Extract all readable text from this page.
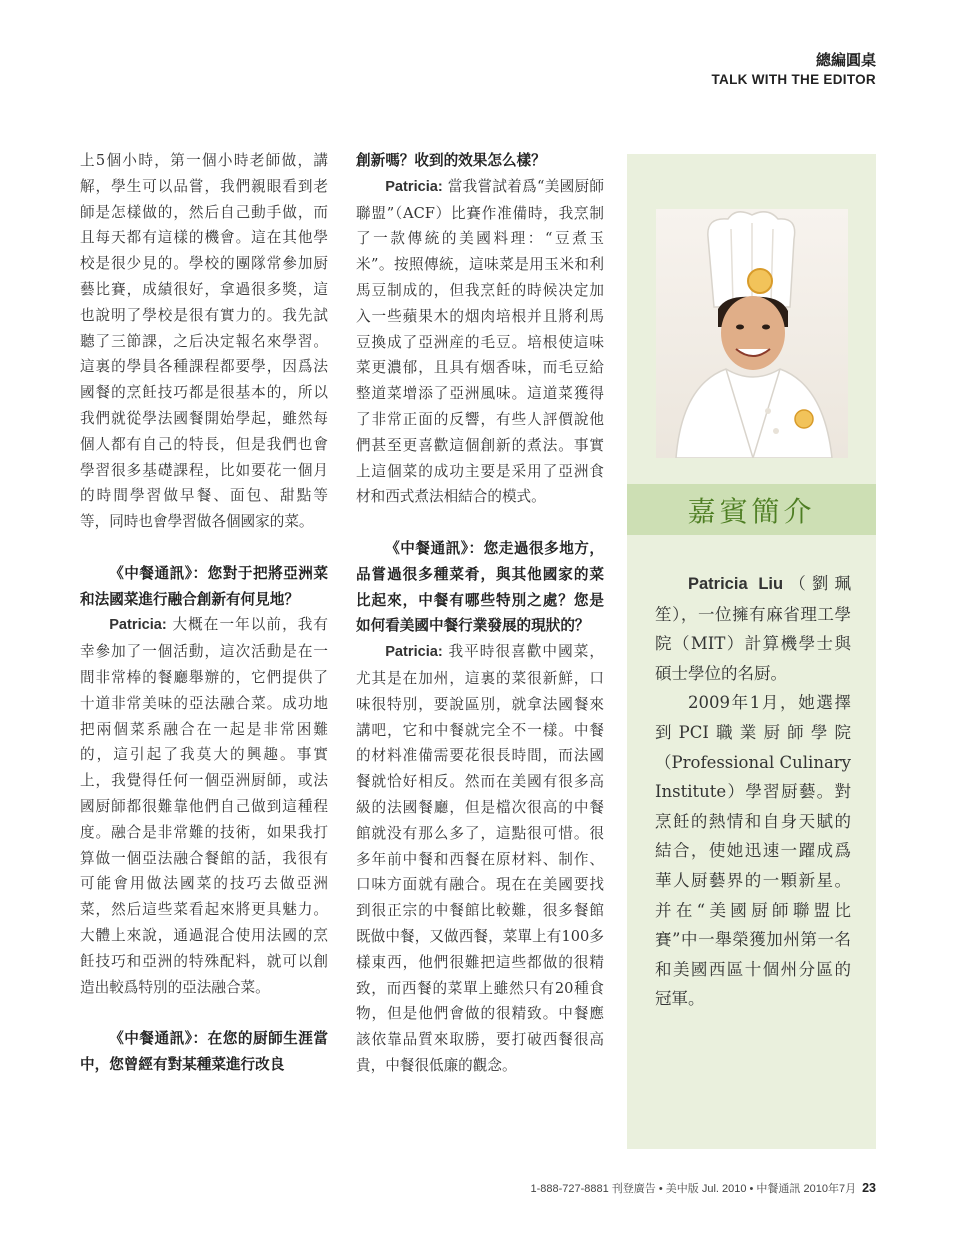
總編圓桌
TALK WITH THE EDITOR

上5個小時，第一個小時老師做，講解，學生可以品嘗，我們親眼看到老師是怎樣做的，然后自己動手做，而且每天都有這樣的機會。這在其他學校是很少見的。學校的團隊常參加厨藝比賽，成績很好，拿過很多獎，這也說明了學校是很有實力的。我先試聽了三節課，之后决定報名來學習。這裏的學員各種課程都要學，因爲法國餐的烹飪技巧都是很基本的，所以我們就從學法國餐開始學起，雖然每個人都有自己的特長，但是我們也會學習很多基礎課程，比如要花一個月的時間學習做早餐、面包、甜點等等，同時也會學習做各個國家的菜。

《中餐通訊》：您對于把將亞洲菜和法國菜進行融合創新有何見地？

Patricia: 大概在一年以前，我有幸參加了一個活動，這次活動是在一間非常棒的餐廳舉辦的，它們提供了十道非常美味的亞法融合菜。成功地把兩個菜系融合在一起是非常困難的，這引起了我莫大的興趣。事實上，我覺得任何一個亞洲厨師，或法國厨師都很難靠他們自己做到這種程度。融合是非常難的技術，如果我打算做一個亞法融合餐館的話，我很有可能會用做法國菜的技巧去做亞洲菜，然后這些菜看起來將更具魅力。大體上來說，通過混合使用法國的烹飪技巧和亞洲的特殊配料，就可以創造出較爲特別的亞法融合菜。

《中餐通訊》：在您的厨師生涯當中，您曾經有對某種菜進行改良

創新嗎？收到的效果怎么樣？

Patricia: 當我嘗試着爲“美國厨師聯盟”（ACF）比賽作准備時，我烹制了一款傳統的美國料理：“豆煮玉米”。按照傳統，這味菜是用玉米和利馬豆制成的，但我烹飪的時候决定加入一些蘋果木的烟肉培根并且將利馬豆換成了亞洲産的毛豆。培根使這味菜更濃郁，且具有烟香味，而毛豆給整道菜增添了亞洲風味。這道菜獲得了非常正面的反響，有些人評價說他們甚至更喜歡這個創新的煮法。事實上這個菜的成功主要是采用了亞洲食材和西式煮法相結合的模式。

《中餐通訊》：您走過很多地方，品嘗過很多種菜肴，與其他國家的菜比起來，中餐有哪些特別之處？您是如何看美國中餐行業發展的現狀的？

Patricia: 我平時很喜歡中國菜，尤其是在加州，這裏的菜很新鮮，口味很特別，要說區別，就拿法國餐來講吧，它和中餐就完全不一樣。中餐的材料准備需要花很長時間，而法國餐就恰好相反。然而在美國有很多高級的法國餐廳，但是檔次很高的中餐館就没有那么多了，這點很可惜。很多年前中餐和西餐在原材料、制作、口味方面就有融合。現在在美國要找到很正宗的中餐館比較難，很多餐館既做中餐，又做西餐，菜單上有100多樣東西，他們很難把這些都做的很精致，而西餐的菜單上雖然只有20種食物，但是他們會做的很精致。中餐應該依靠品質來取勝，要打破西餐很高貴，中餐很低廉的觀念。

嘉賓簡介

Patricia Liu（劉珮笙），一位擁有麻省理工學院（MIT）計算機學士與碩士學位的名厨。

2009年1月，她選擇到PCI職業厨師學院（Professional Culinary Institute）學習厨藝。對烹飪的熱情和自身天賦的結合，使她迅速一躍成爲華人厨藝界的一顆新星。并在“美國厨師聯盟比賽”中一舉榮獲加州第一名和美國西區十個州分區的冠軍。

1-888-727-8881 刊登廣告 • 美中版 Jul. 2010 • 中餐通訊 2010年7月 23
